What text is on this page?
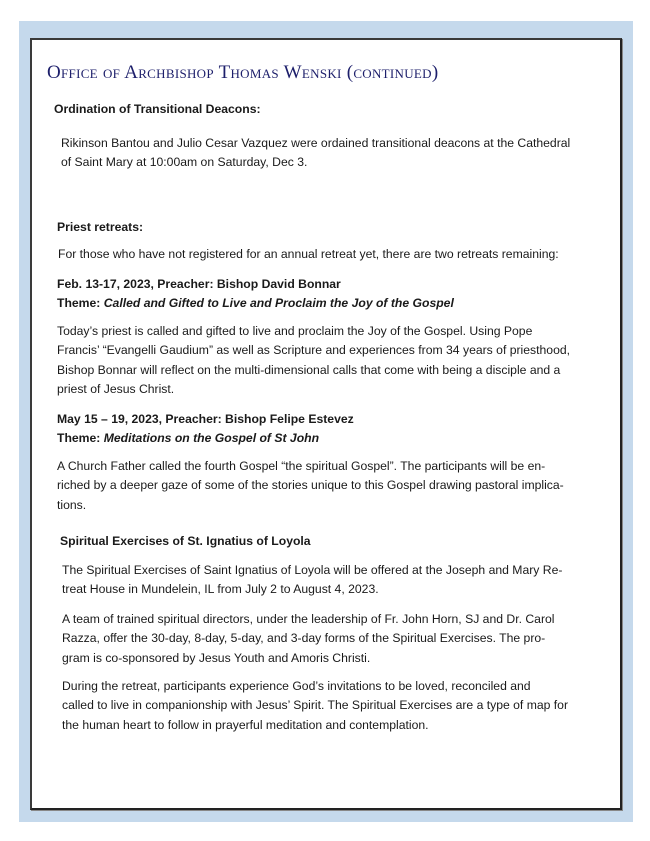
Office of Archbishop Thomas Wenski (continued)
Ordination of Transitional Deacons:
Rikinson Bantou and Julio Cesar Vazquez were ordained transitional deacons at the Cathedral
of Saint Mary at 10:00am on Saturday, Dec 3.
Priest retreats:
For those who have not registered for an annual retreat yet, there are two retreats remaining:
Feb. 13-17, 2023, Preacher: Bishop David Bonnar
Theme: Called and Gifted to Live and Proclaim the Joy of the Gospel
Today’s priest is called and gifted to live and proclaim the Joy of the Gospel. Using Pope
Francis’ “Evangelli Gaudium” as well as Scripture and experiences from 34 years of priesthood,
Bishop Bonnar will reflect on the multi-dimensional calls that come with being a disciple and a
priest of Jesus Christ.
May 15 – 19, 2023, Preacher: Bishop Felipe Estevez
Theme: Meditations on the Gospel of St John
A Church Father called the fourth Gospel “the spiritual Gospel”. The participants will be en-
riched by a deeper gaze of some of the stories unique to this Gospel drawing pastoral implica-
tions.
Spiritual Exercises of St. Ignatius of Loyola
The Spiritual Exercises of Saint Ignatius of Loyola will be offered at the Joseph and Mary Re-
treat House in Mundelein, IL from July 2 to August 4, 2023.
A team of trained spiritual directors, under the leadership of Fr. John Horn, SJ and Dr. Carol
Razza, offer the 30-day, 8-day, 5-day, and 3-day forms of the Spiritual Exercises. The pro-
gram is co-sponsored by Jesus Youth and Amoris Christi.
During the retreat, participants experience God’s invitations to be loved, reconciled and
called to live in companionship with Jesus’ Spirit. The Spiritual Exercises are a type of map for
the human heart to follow in prayerful meditation and contemplation.
